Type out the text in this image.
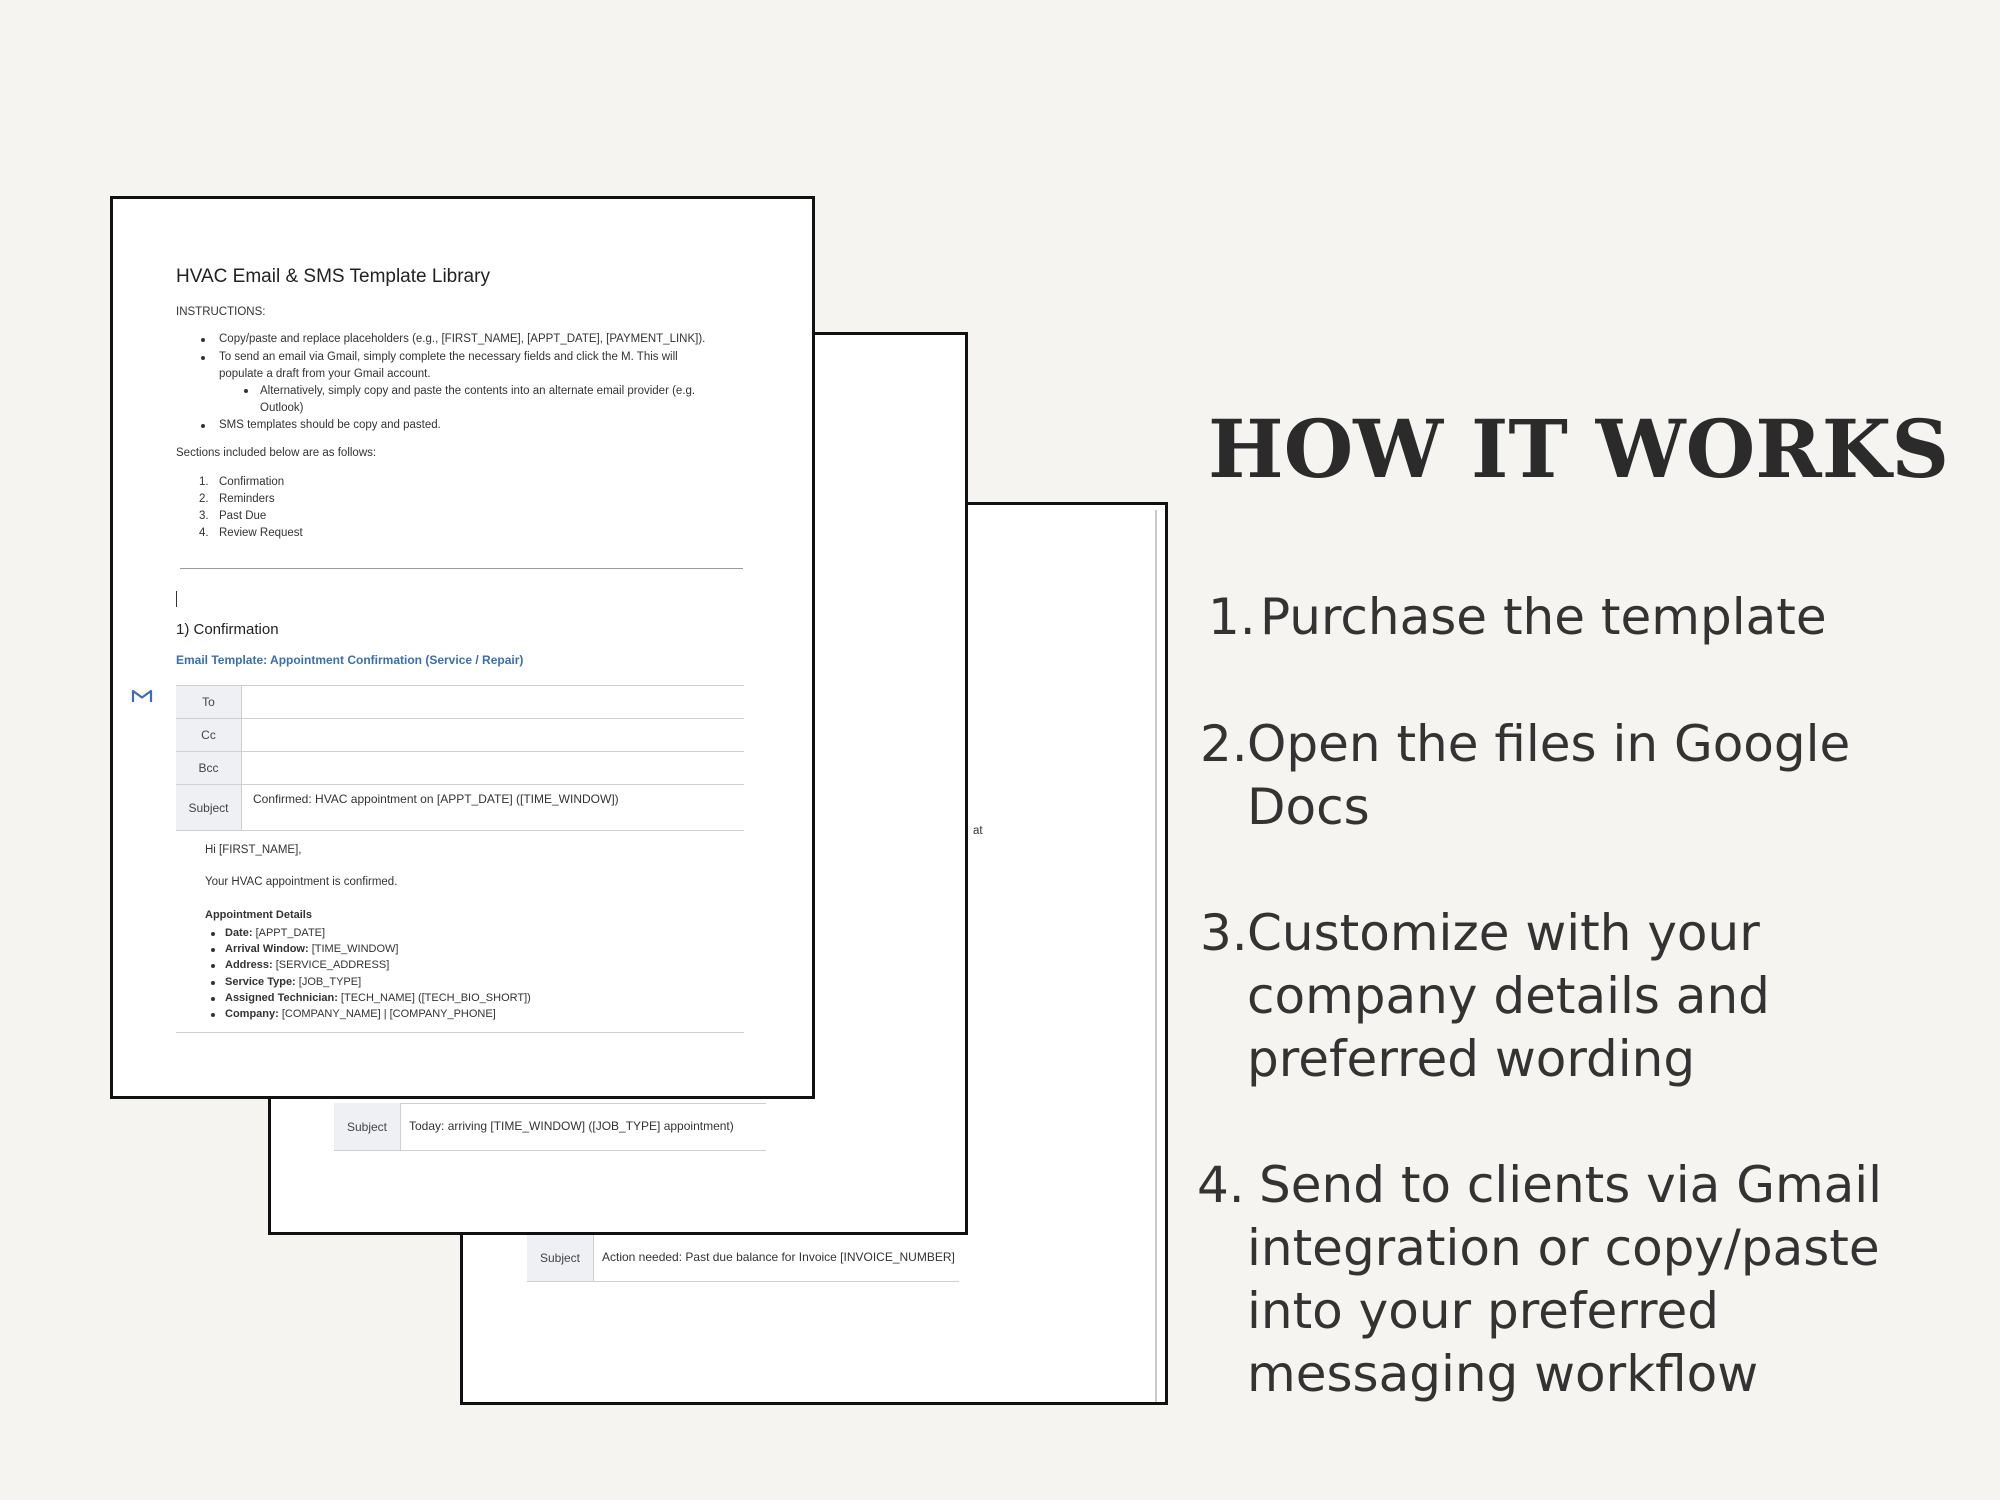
at
Subject	Action needed: Past due balance for Invoice [INVOICE_NUMBER]
Subject	Today: arriving [TIME_WINDOW] ([JOB_TYPE] appointment)
HVAC Email & SMS Template Library
INSTRUCTIONS:
Copy/paste and replace placeholders (e.g., [FIRST_NAME], [APPT_DATE], [PAYMENT_LINK]).
To send an email via Gmail, simply complete the necessary fields and click the M. This will
populate a draft from your Gmail account.
Alternatively, simply copy and paste the contents into an alternate email provider (e.g.
Outlook)
SMS templates should be copy and pasted.
Sections included below are as follows:
1. Confirmation
2. Reminders
3. Past Due
4. Review Request
1) Confirmation
Email Template: Appointment Confirmation (Service / Repair)
To
Cc
Bcc
Subject
Confirmed: HVAC appointment on [APPT_DATE] ([TIME_WINDOW])
Hi [FIRST_NAME],
Your HVAC appointment is confirmed.
Appointment Details
Date: [APPT_DATE]
Arrival Window: [TIME_WINDOW]
Address: [SERVICE_ADDRESS]
Service Type: [JOB_TYPE]
Assigned Technician: [TECH_NAME] ([TECH_BIO_SHORT])
Company: [COMPANY_NAME] | [COMPANY_PHONE]
HOW IT WORKS
1. Purchase the template
2. Open the files in Google
Docs
3. Customize with your
company details and
preferred wording
4. Send to clients via Gmail
integration or copy/paste
into your preferred
messaging workflow
